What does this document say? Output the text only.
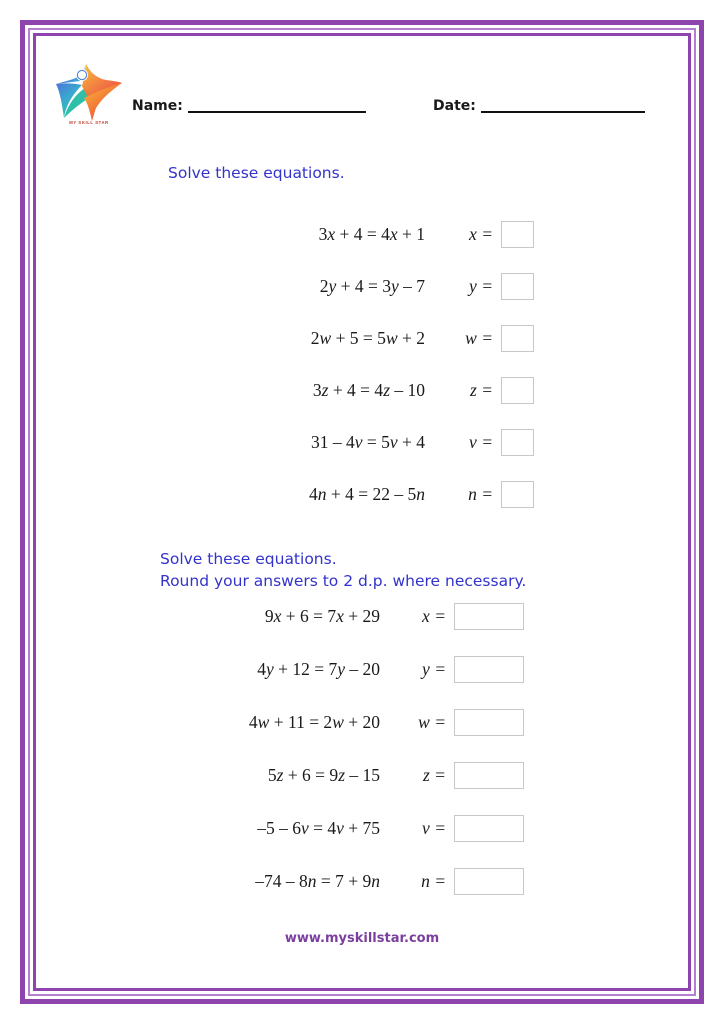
MY SKILL STAR
Name:	Date:
Solve these equations.
Solve these equations.
Round your answers to 2 d.p. where necessary.
3x + 4 = 4x + 1	x =
2y + 4 = 3y – 7	y =
2w + 5 = 5w + 2	w =
3z + 4 = 4z – 10	z =
31 – 4v = 5v + 4	v =
4n + 4 = 22 – 5n	n =
9x + 6 = 7x + 29	x =
4y + 12 = 7y – 20	y =
4w + 11 = 2w + 20	w =
5z + 6 = 9z – 15	z =
–5 – 6v = 4v + 75	v =
–74 – 8n = 7 + 9n	n =
www.myskillstar.com
